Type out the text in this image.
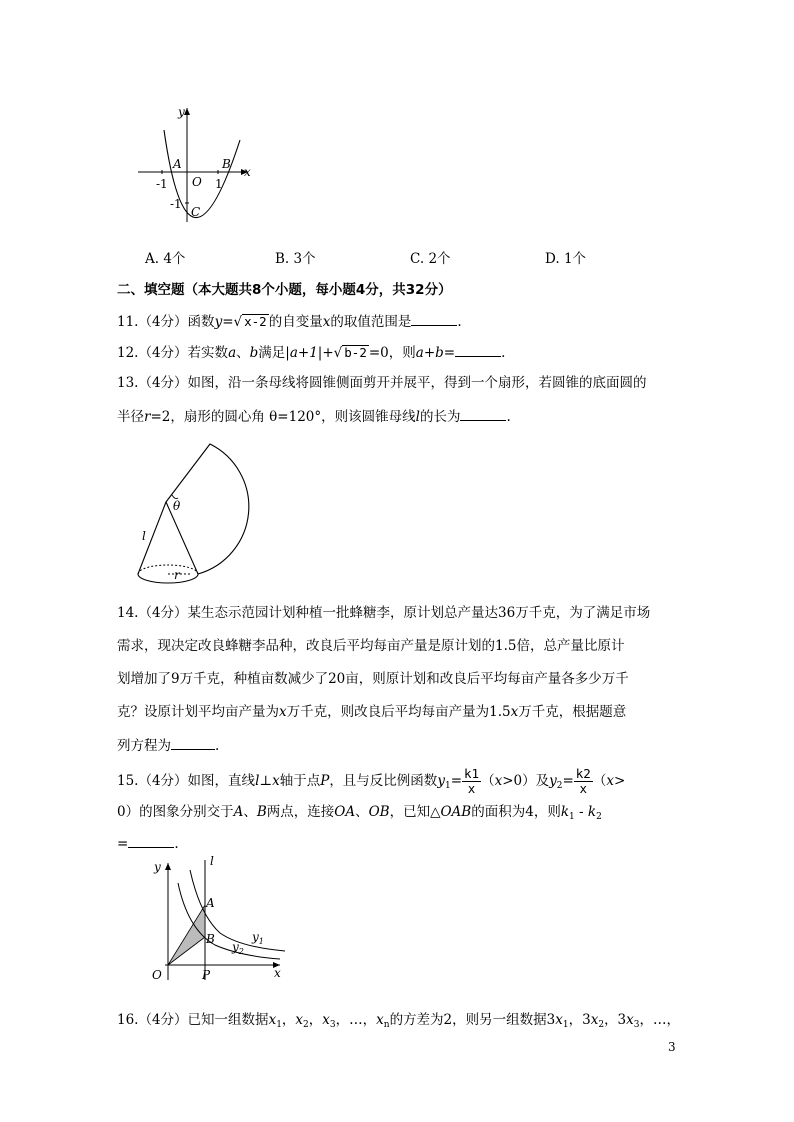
y
x
A	B
O
-1	1
-1
C
A. 4个	B. 3个	C. 2个	D. 1个
二、填空题（本大题共8个小题，每小题4分，共32分）
11.（4分）函数y=√ x-2 的自变量x的取值范围是	.
12.（4分）若实数a、b满足|a+1|+√ b-2 =0，则a+b=	.
13.（4分）如图，沿一条母线将圆锥侧面剪开并展平，得到一个扇形，若圆锥的底面圆的
半径r=2，扇形的圆心角 θ=120°，则该圆锥母线l的长为	.
θ
l
r
14.（4分）某生态示范园计划种植一批蜂糖李，原计划总产量达36万千克，为了满足市场
需求，现决定改良蜂糖李品种，改良后平均每亩产量是原计划的1.5倍，总产量比原计
划增加了9万千克，种植亩数减少了20亩，则原计划和改良后平均每亩产量各多少万千
克？设原计划平均亩产量为x万千克，则改良后平均每亩产量为1.5x万千克，根据题意
列方程为	.
15.（4分）如图，直线l⊥x轴于点P，且与反比例函数$y_1= \frac{k1}{x} (x>0)$及$y_2= \frac{k2}{x} (x>$
0）的图象分别交于A、B两点，连接OA、OB，已知△OAB的面积为4，则$k_1 - k_2$
=	.
y	l
A
B
O	P	x
$y_1$
$y_2$
16.（4分）已知一组数据$x_1$，$x_2$，$x_3$，…，$x_n$的方差为2，则另一组数据$3x_1$，$3x_2$，$3x_3$，…，
3
